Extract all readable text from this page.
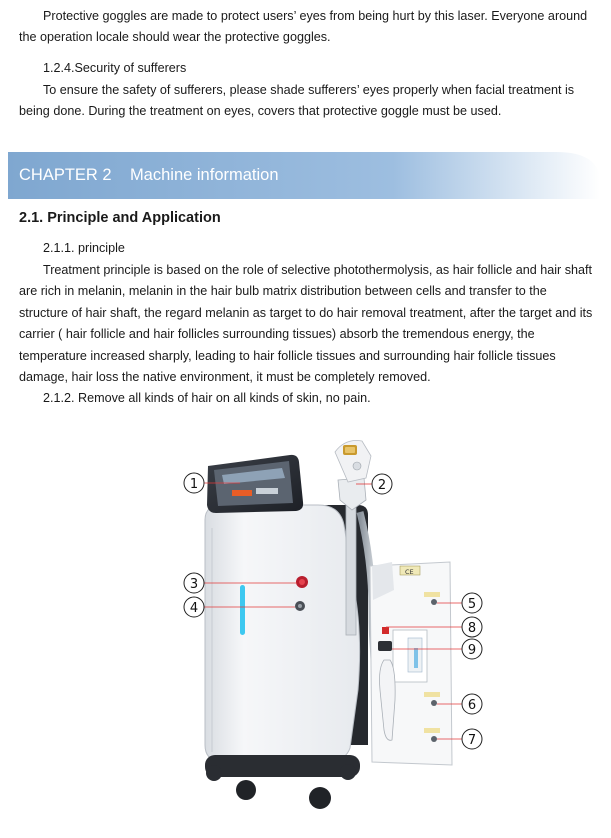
Protective goggles are made to protect users’ eyes from being hurt by this laser. Everyone around the operation locale should wear the protective goggles.

1.2.4.Security of sufferers

To ensure the safety of sufferers, please shade sufferers’ eyes properly when facial treatment is being done. During the treatment on eyes, covers that protective goggle must be used.

CHAPTER 2    Machine information
2.1. Principle and Application

2.1.1. principle

Treatment principle is based on the role of selective photothermolysis, as hair follicle and hair shaft are rich in melanin, melanin in the hair bulb matrix distribution between cells and transfer to the structure of hair shaft, the regard melanin as target to do hair removal treatment, after the target and its carrier ( hair follicle and hair follicles surrounding tissues) absorb the tremendous energy, the temperature increased sharply, leading to hair follicle tissues and surrounding hair follicle tissues damage, hair loss the native environment, it must be completely removed.

2.1.2. Remove all kinds of hair on all kinds of skin, no pain.

CE
1	2
3
4	5
6
7
8
9
